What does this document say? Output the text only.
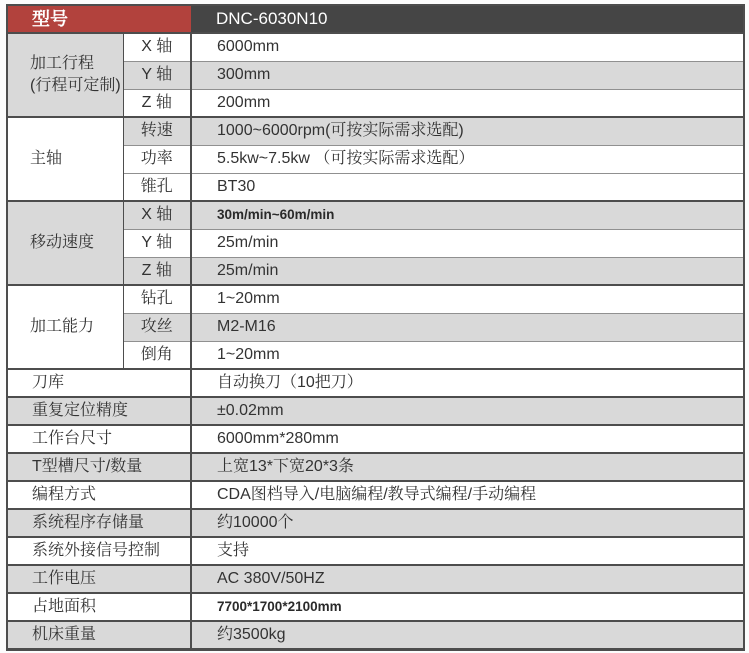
型号		DNC-6030N10

加工行程
(行程可定制)	X 轴	6000mm
	Y 轴	300mm
	Z 轴	200mm

主轴	转速	1000~6000rpm(可按实际需求选配)
	功率	5.5kw~7.5kw （可按实际需求选配）
	锥孔	BT30

移动速度	X 轴	30m/min~60m/min
	Y 轴	25m/min
	Z 轴	25m/min

加工能力	钻孔	1~20mm
	攻丝	M2-M16
	倒角	1~20mm
刀库		自动换刀（10把刀）
重复定位精度		±0.02mm
工作台尺寸		6000mm*280mm
T型槽尺寸/数量		上宽13*下宽20*3条
编程方式		CDA图档导入/电脑编程/教导式编程/手动编程
系统程序存储量		约10000个
系统外接信号控制		支持
工作电压		AC 380V/50HZ
占地面积		7700*1700*2100mm
机床重量		约3500kg
